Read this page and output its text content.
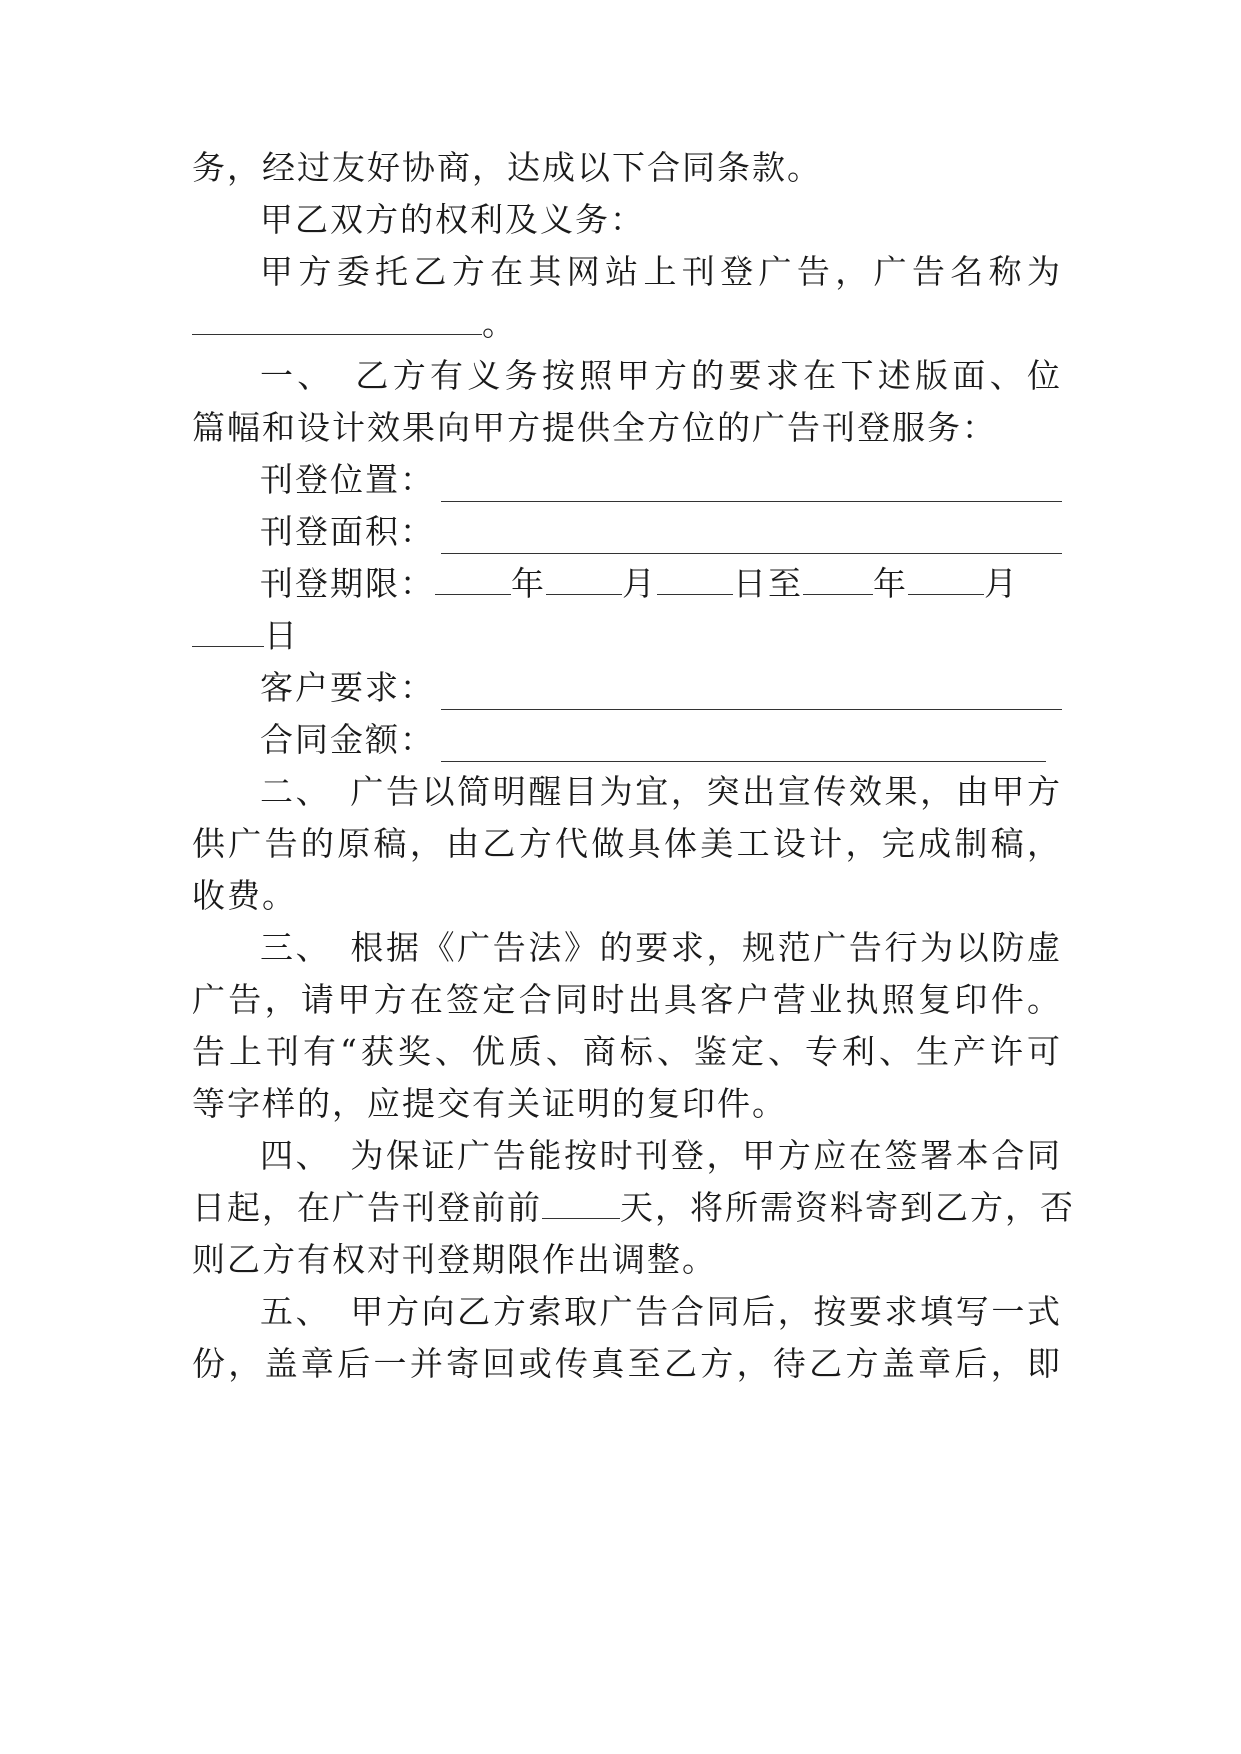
务，经过友好协商，达成以下合同条款。
甲乙双方的权利及义务：
甲方委托乙方在其网站上刊登广告，广告名称为
。
一、　乙方有义务按照甲方的要求在下述版面、位
篇幅和设计效果向甲方提供全方位的广告刊登服务：
刊登位置：
刊登面积：
刊登期限： 年 月 日至 年 月
日
客户要求：
合同金额：
二、　广告以简明醒目为宜，突出宣传效果，由甲方
供广告的原稿，由乙方代做具体美工设计，完成制稿，
收费。
三、　根据《广告法》的要求，规范广告行为以防虚
广告，请甲方在签定合同时出具客户营业执照复印件。
告上刊有“获奖、优质、商标、鉴定、专利、生产许可
等字样的，应提交有关证明的复印件。
四、　为保证广告能按时刊登，甲方应在签署本合同
日起，在广告刊登前前 天，将所需资料寄到乙方，否
则乙方有权对刊登期限作出调整。
五、　甲方向乙方索取广告合同后，按要求填写一式
份，盖章后一并寄回或传真至乙方，待乙方盖章后，即
